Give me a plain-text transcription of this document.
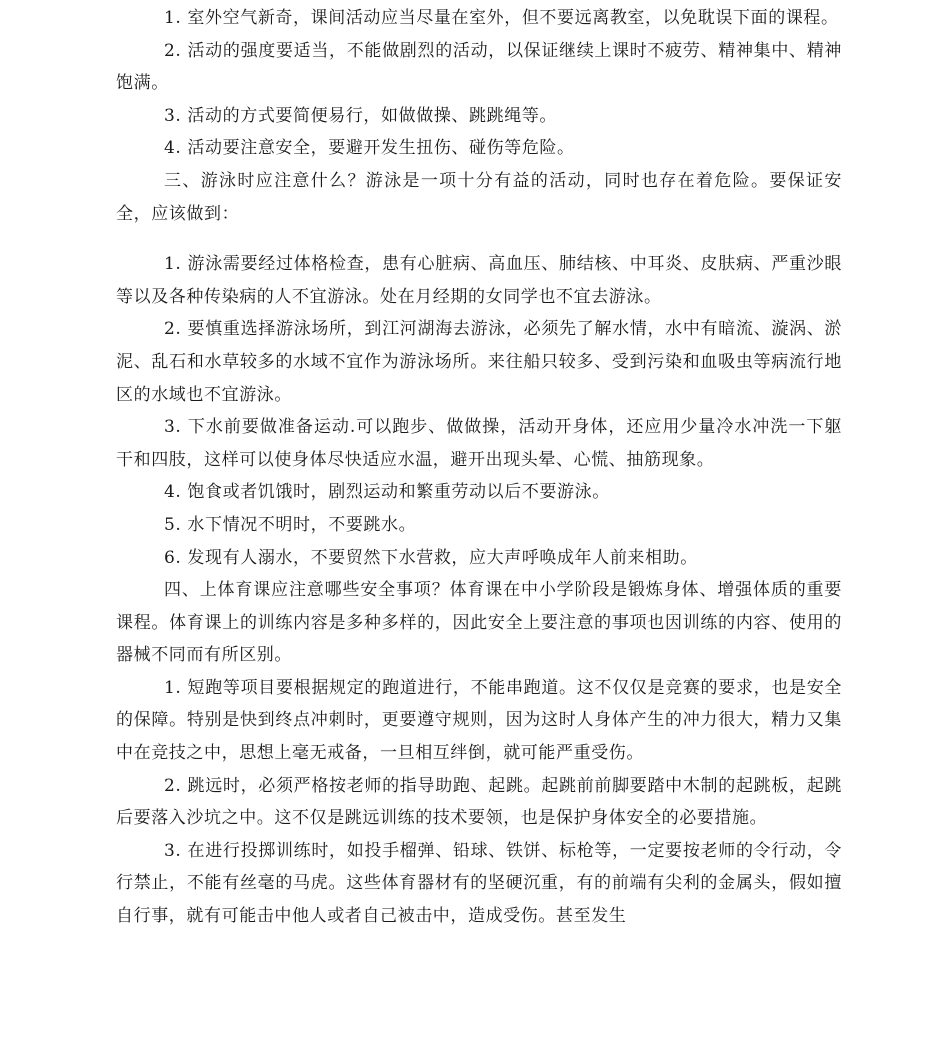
1. 室外空气新奇，课间活动应当尽量在室外，但不要远离教室，以免耽误下面的课程。

2. 活动的强度要适当，不能做剧烈的活动，以保证继续上课时不疲劳、精神集中、精神饱满。

3. 活动的方式要简便易行，如做做操、跳跳绳等。

4. 活动要注意安全，要避开发生扭伤、碰伤等危险。

三、游泳时应注意什么？游泳是一项十分有益的活动，同时也存在着危险。要保证安全，应该做到：

1. 游泳需要经过体格检查，患有心脏病、高血压、肺结核、中耳炎、皮肤病、严重沙眼等以及各种传染病的人不宜游泳。处在月经期的女同学也不宜去游泳。

2. 要慎重选择游泳场所，到江河湖海去游泳，必须先了解水情，水中有暗流、漩涡、淤泥、乱石和水草较多的水域不宜作为游泳场所。来往船只较多、受到污染和血吸虫等病流行地区的水域也不宜游泳。

3. 下水前要做准备运动.可以跑步、做做操，活动开身体，还应用少量冷水冲洗一下躯干和四肢，这样可以使身体尽快适应水温，避开出现头晕、心慌、抽筋现象。

4. 饱食或者饥饿时，剧烈运动和繁重劳动以后不要游泳。

5. 水下情况不明时，不要跳水。

6. 发现有人溺水，不要贸然下水营救，应大声呼唤成年人前来相助。

四、上体育课应注意哪些安全事项？体育课在中小学阶段是锻炼身体、增强体质的重要课程。体育课上的训练内容是多种多样的，因此安全上要注意的事项也因训练的内容、使用的器械不同而有所区别。

1. 短跑等项目要根据规定的跑道进行，不能串跑道。这不仅仅是竞赛的要求，也是安全的保障。特别是快到终点冲刺时，更要遵守规则，因为这时人身体产生的冲力很大，精力又集中在竞技之中，思想上毫无戒备，一旦相互绊倒，就可能严重受伤。

2. 跳远时，必须严格按老师的指导助跑、起跳。起跳前前脚要踏中木制的起跳板，起跳后要落入沙坑之中。这不仅是跳远训练的技术要领，也是保护身体安全的必要措施。

3. 在进行投掷训练时，如投手榴弹、铅球、铁饼、标枪等，一定要按老师的令行动，令行禁止，不能有丝毫的马虎。这些体育器材有的坚硬沉重，有的前端有尖利的金属头，假如擅自行事，就有可能击中他人或者自己被击中，造成受伤。甚至发生
